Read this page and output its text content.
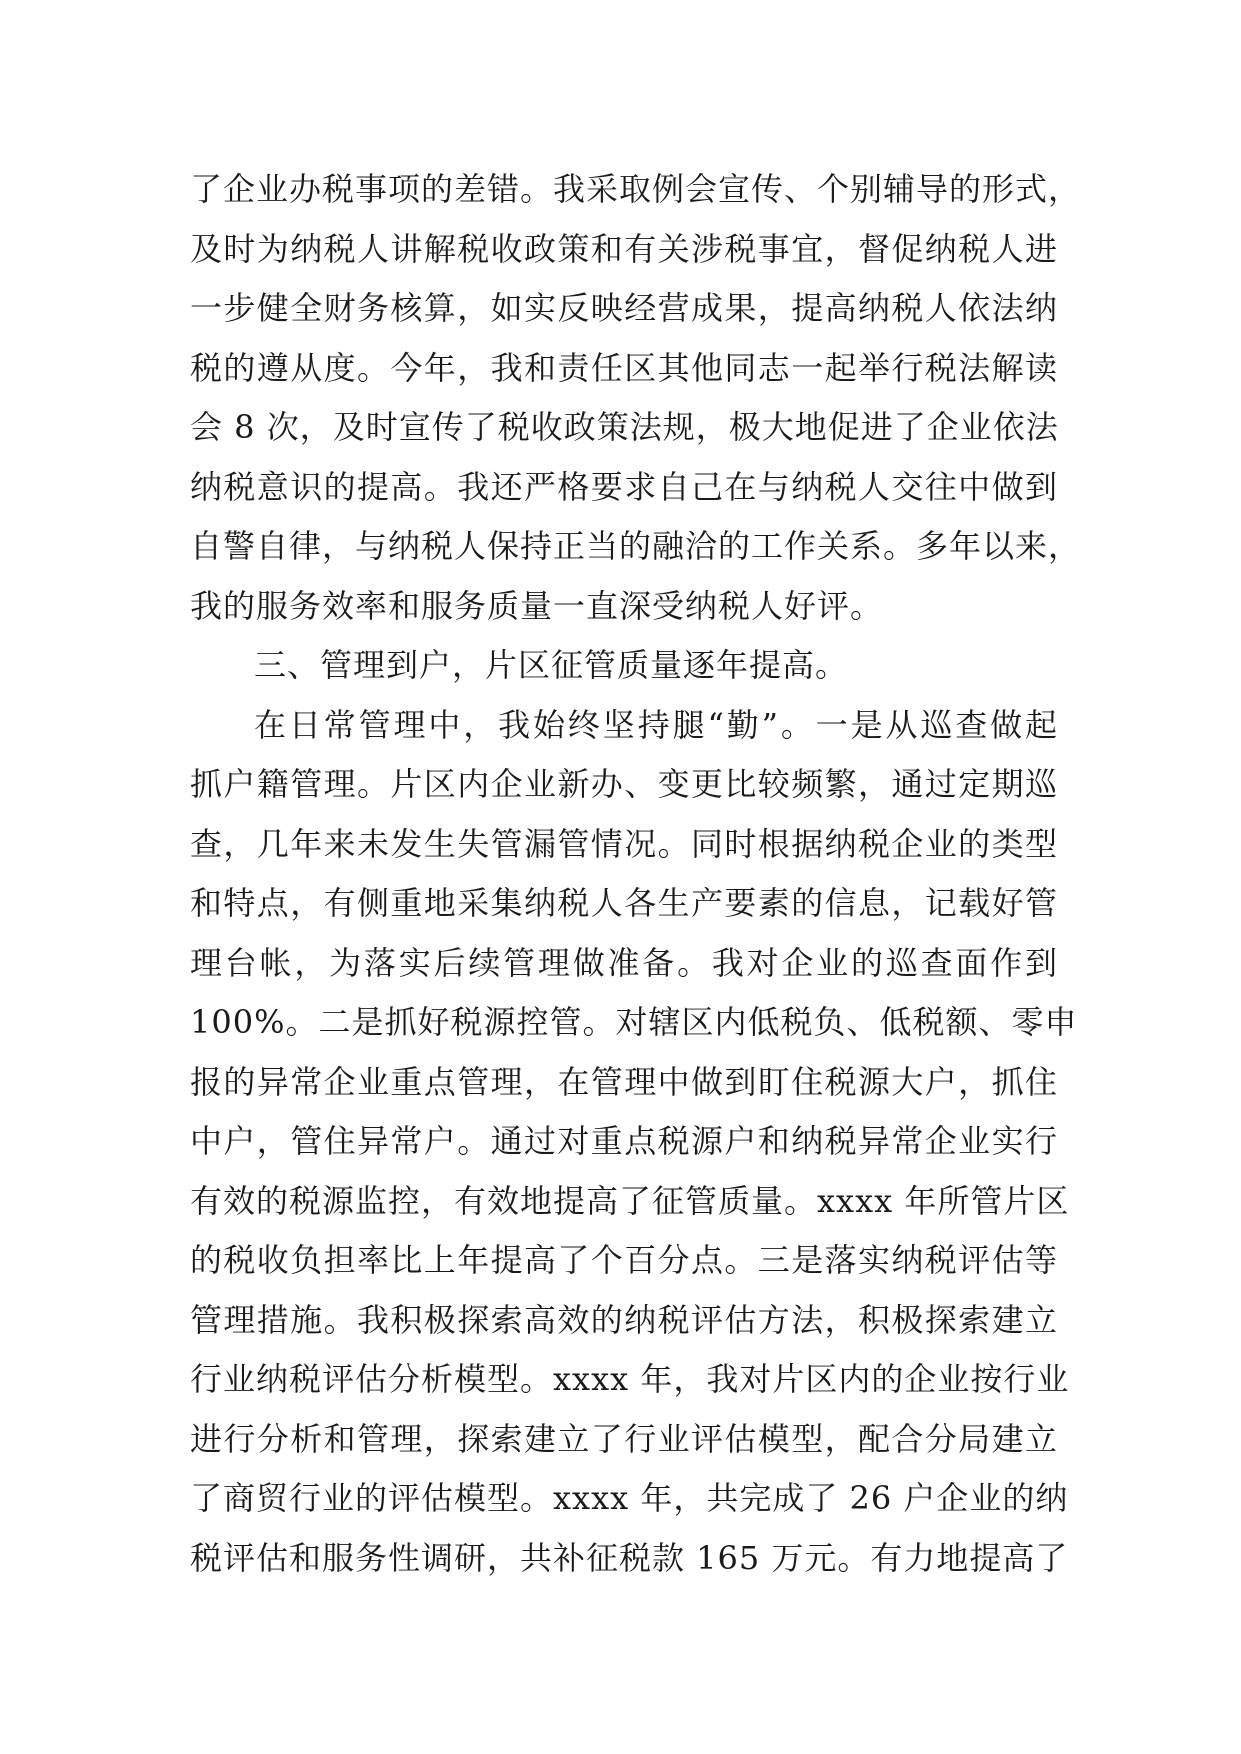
了企业办税事项的差错。我采取例会宣传、个别辅导的形式，
及时为纳税人讲解税收政策和有关涉税事宜，督促纳税人进
一步健全财务核算，如实反映经营成果，提高纳税人依法纳
税的遵从度。今年，我和责任区其他同志一起举行税法解读
会 8 次，及时宣传了税收政策法规，极大地促进了企业依法
纳税意识的提高。我还严格要求自己在与纳税人交往中做到
自警自律，与纳税人保持正当的融洽的工作关系。多年以来，
我的服务效率和服务质量一直深受纳税人好评。
三、管理到户，片区征管质量逐年提高。
在日常管理中，我始终坚持腿“勤”。一是从巡查做起
抓户籍管理。片区内企业新办、变更比较频繁，通过定期巡
查，几年来未发生失管漏管情况。同时根据纳税企业的类型
和特点，有侧重地采集纳税人各生产要素的信息，记载好管
理台帐，为落实后续管理做准备。我对企业的巡查面作到
100%。二是抓好税源控管。对辖区内低税负、低税额、零申
报的异常企业重点管理，在管理中做到盯住税源大户，抓住
中户，管住异常户。通过对重点税源户和纳税异常企业实行
有效的税源监控，有效地提高了征管质量。xxxx 年所管片区
的税收负担率比上年提高了个百分点。三是落实纳税评估等
管理措施。我积极探索高效的纳税评估方法，积极探索建立
行业纳税评估分析模型。xxxx 年，我对片区内的企业按行业
进行分析和管理，探索建立了行业评估模型，配合分局建立
了商贸行业的评估模型。xxxx 年，共完成了 26 户企业的纳
税评估和服务性调研，共补征税款 165 万元。有力地提高了
